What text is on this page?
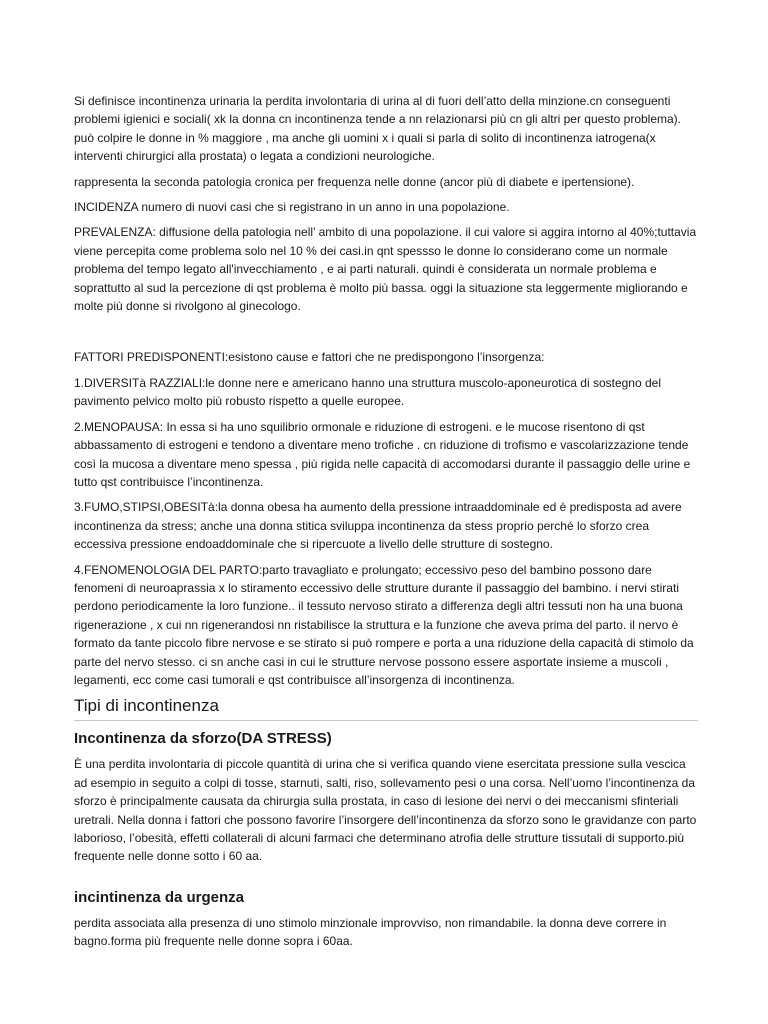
Si definisce incontinenza urinaria la perdita involontaria di urina al di fuori dell’atto della minzione.cn conseguenti problemi igienici e sociali( xk la donna cn incontinenza tende a nn relazionarsi più cn gli altri per questo problema). può colpire le donne in % maggiore , ma anche gli uomini x i quali si parla di solito di incontinenza iatrogena(x interventi chirurgici alla prostata) o legata a condizioni neurologiche.

rappresenta la seconda patologia cronica per frequenza nelle donne (ancor più di diabete e ipertensione).

INCIDENZA numero di nuovi casi che si registrano in un anno in una popolazione.

PREVALENZA: diffusione della patologia nell’ ambito di una popolazione. il cui valore si aggira intorno al 40%;tuttavia viene percepita come problema solo nel 10 % dei casi.in qnt spessso le donne lo considerano come un normale problema del tempo legato all'invecchiamento , e ai parti naturali. quindi è considerata un normale problema e soprattutto al sud la percezione di qst problema è molto più bassa. oggi la situazione sta leggermente migliorando e molte più donne si rivolgono al ginecologo.

FATTORI PREDISPONENTI:esistono cause e fattori che ne predispongono l’insorgenza:

1.DIVERSITà RAZZIALI:le donne nere e americano hanno una struttura muscolo-aponeurotica di sostegno del pavimento pelvico molto più robusto rispetto a quelle europee.

2.MENOPAUSA: In essa si ha uno squilibrio ormonale e riduzione di estrogeni. e le mucose risentono di qst abbassamento di estrogeni e tendono a diventare meno trofiche . cn riduzione di trofismo e vascolarizzazione tende così la mucosa a diventare meno spessa , più rigida nelle capacità di accomodarsi durante il passaggio delle urine e tutto qst contribuisce l’incontinenza.

3.FUMO,STIPSI,OBESITà:la donna obesa ha aumento della pressione intraaddominale ed è predisposta ad avere incontinenza da stress; anche una donna stitica sviluppa incontinenza da stess proprio perché lo sforzo crea eccessiva pressione endoaddominale che si ripercuote a livello delle strutture di sostegno.

4.FENOMENOLOGIA DEL PARTO:parto travagliato e prolungato; eccessivo peso del bambino possono dare fenomeni di neuroaprassia x lo stiramento eccessivo delle strutture durante il passaggio del bambino. i nervi stirati perdono periodicamente la loro funzione.. il tessuto nervoso stirato a differenza degli altri tessuti non ha una buona rigenerazione , x cui nn rigenerandosi nn ristabilisce la struttura e la funzione che aveva prima del parto. il nervo è formato da tante piccolo fibre nervose e se stirato si può rompere e porta a una riduzione della capacità di stimolo da parte del nervo stesso. ci sn anche casi in cui le strutture nervose possono essere asportate insieme a muscoli , legamenti, ecc come casi tumorali e qst contribuisce all’insorgenza di incontinenza.

Tipi di incontinenza
Incontinenza da sforzo(DA STRESS)

È una perdita involontaria di piccole quantità di urina che si verifica quando viene esercitata pressione sulla vescica ad esempio in seguito a colpi di tosse, starnuti, salti, riso, sollevamento pesi o una corsa. Nell’uomo l’incontinenza da sforzo è principalmente causata da chirurgia sulla prostata, in caso di lesione dei nervi o dei meccanismi sfinteriali uretrali. Nella donna i fattori che possono favorire l’insorgere dell’incontinenza da sforzo sono le gravidanze con parto laborioso, l’obesità, effetti collaterali di alcuni farmaci che determinano atrofia delle strutture tissutali di supporto.più frequente nelle donne sotto i 60 aa.

incintinenza da urgenza

perdita associata alla presenza di uno stimolo minzionale improvviso, non rimandabile. la donna deve correre in bagno.forma più frequente nelle donne sopra i 60aa.
